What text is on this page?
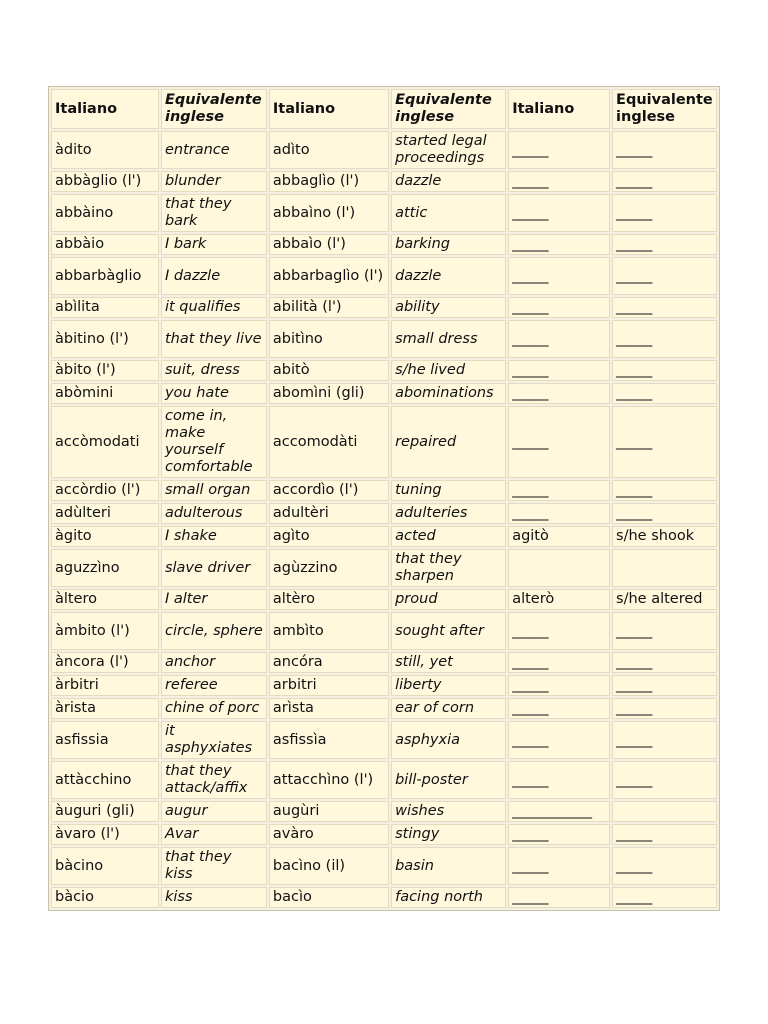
Italiano	Equivalente inglese	Italiano	Equivalente inglese	Italiano	Equivalente inglese
àdito	entrance	adìto	started legal proceedings	_____	_____
abbàglio (l')	blunder	abbaglìo (l')	dazzle	_____	_____
abbàino	that they bark	abbaìno (l')	attic	_____	_____
abbàio	I bark	abbaìo (l')	barking	_____	_____
abbarbàglio	I dazzle	abbarbaglìo (l')	dazzle	_____	_____
abìlita	it qualifies	abilità (l')	ability	_____	_____
àbitino (l')	that they live	abitìno	small dress	_____	_____
àbito (l')	suit, dress	abitò	s/he lived	_____	_____
abòmini	you hate	abomìni (gli)	abominations	_____	_____
accòmodati	come in, make yourself comfortable	accomodàti	repaired	_____	_____
accòrdio (l')	small organ	accordìo (l')	tuning	_____	_____
adùlteri	adulterous	adultèri	adulteries	_____	_____
àgito	I shake	agìto	acted	agitò	s/he shook
aguzzìno	slave driver	agùzzino	that they sharpen		
àltero	I alter	altèro	proud	alterò	s/he altered
àmbito (l')	circle, sphere	ambìto	sought after	_____	_____
àncora (l')	anchor	ancóra	still, yet	_____	_____
àrbitri	referee	arbitri	liberty	_____	_____
àrista	chine of porc	arìsta	ear of corn	_____	_____
asfissia	it asphyxiates	asfissìa	asphyxia	_____	_____
attàcchino	that they attack/affix	attacchìno (l')	bill-poster	_____	_____
àuguri (gli)	augur	augùri	wishes	___________	
àvaro (l')	Avar	avàro	stingy	_____	_____
bàcino	that they kiss	bacìno (il)	basin	_____	_____
bàcio	kiss	bacìo	facing north	_____	_____
